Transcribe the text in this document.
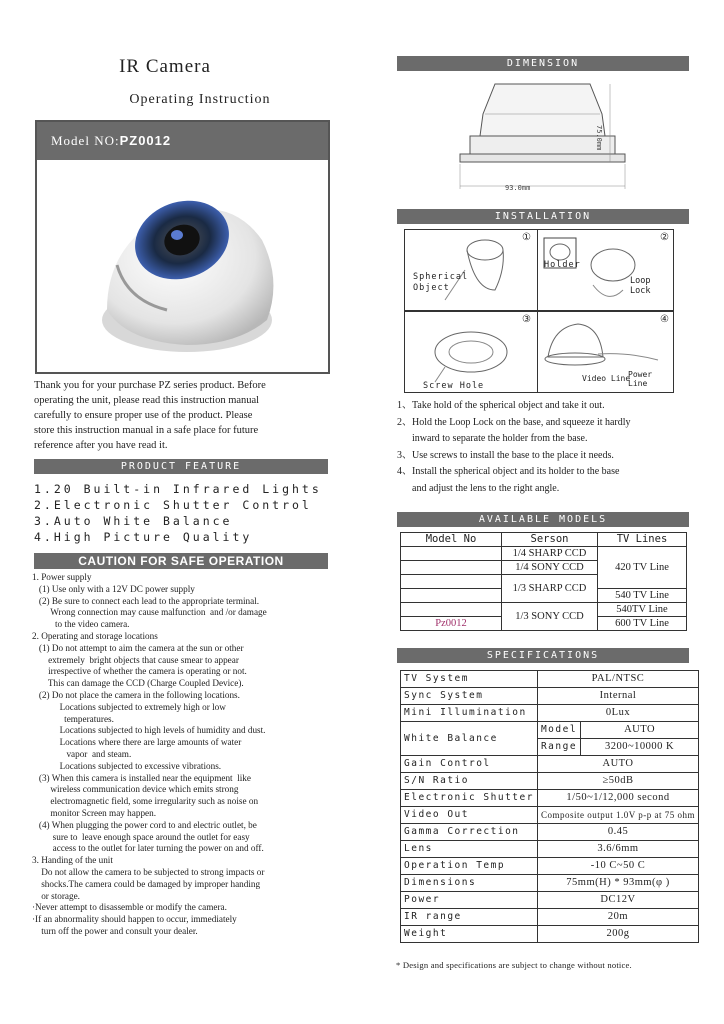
IR Camera
Operating Instruction
Model NO:PZ0012
Thank you for your purchase PZ series product. Before
operating the unit, please read this instruction manual
carefully to ensure proper use of the product. Please
store this instruction manual in a safe place for future
reference after you have read it.
PRODUCT FEATURE
1.20 Built-in Infrared Lights
2.Electronic Shutter Control
3.Auto White Balance
4.High Picture Quality
CAUTION FOR SAFE OPERATION
1. Power supply
(1) Use only with a 12V DC power supply
(2) Be sure to connect each lead to the appropriate terminal.
Wrong connection may cause malfunction  and /or damage
to the video camera.
2. Operating and storage locations
(1) Do not attempt to aim the camera at the sun or other
extremely  bright objects that cause smear to appear
irrespective of whether the camera is operating or not.
This can damage the CCD (Charge Coupled Device).
(2) Do not place the camera in the following locations.
Locations subjected to extremely high or low
temperatures.
Locations subjected to high levels of humidity and dust.
Locations where there are large amounts of water
vapor  and steam.
Locations subjected to excessive vibrations.
(3) When this camera is installed near the equipment  like
wireless communication device which emits strong
electromagnetic field, some irregularity such as noise on
monitor Screen may happen.
(4) When plugging the power cord to and electric outlet, be
sure to  leave enough space around the outlet for easy
access to the outlet for later turning the power on and off.
3. Handing of the unit
Do not allow the camera to be subjected to strong impacts or
shocks.The camera could be damaged by improper handing
or storage.
·Never attempt to disassemble or modify the camera.
·If an abnormality should happen to occur, immediately
turn off the power and consult your dealer.
DIMENSION
75.0mm
93.0mm
INSTALLATION
①
Spherical
Object
②
Holder
Loop Lock
③
Screw Hole
④
Video Line
Power Line
1、Take hold of the spherical object and take it out.
2、Hold the Loop Lock on the base, and squeeze it hardly
inward to separate the holder from the base.
3、Use screws to install the base to the place it needs.
4、Install the spherical object and its holder to the base
and adjust the lens to the right angle.
AVAILABLE MODELS
Model No	Serson	TV Lines
	1/4 SHARP CCD	420 TV Line
	1/4 SONY CCD	
	1/3 SHARP CCD	
		540 TV Line
	1/3 SONY CCD	540TV Line
Pz0012		600 TV Line
SPECIFICATIONS
TV System	PAL/NTSC	
Sync System	Internal	
Mini Illumination	0Lux	
White Balance	Model	AUTO
	Range	3200~10000 K
Gain Control	AUTO	
S/N Ratio	≥50dB	
Electronic Shutter	1/50~1/12,000 second	
Video Out	Composite output 1.0V p-p at 75 ohm	
Gamma Correction	0.45	
Lens	3.6/6mm	
Operation Temp	-10 C~50 C	
Dimensions	75mm(H) * 93mm(φ )	
Power	DC12V	
IR range	20m	
Weight	200g	
* Design and specifications are subject to change without notice.
